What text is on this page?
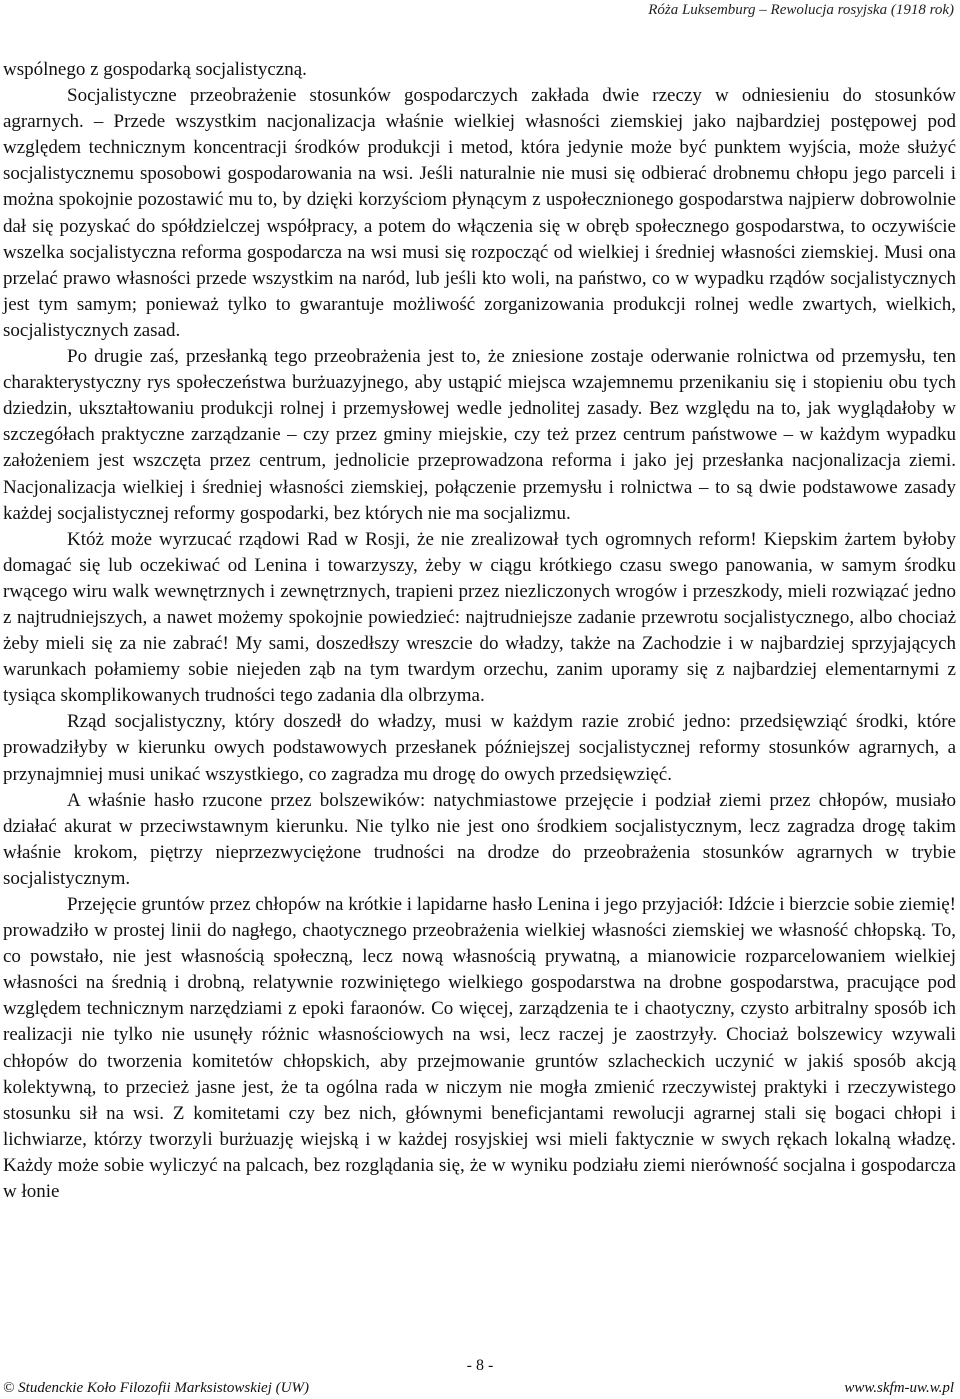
Róża Luksemburg – Rewolucja rosyjska (1918 rok)

wspólnego z gospodarką socjalistyczną.

Socjalistyczne przeobrażenie stosunków gospodarczych zakłada dwie rzeczy w odniesieniu do stosunków agrarnych. – Przede wszystkim nacjonalizacja właśnie wielkiej własności ziemskiej jako najbardziej postępowej pod względem technicznym koncentracji środków produkcji i metod, która jedynie może być punktem wyjścia, może służyć socjalistycznemu sposobowi gospodarowania na wsi. Jeśli naturalnie nie musi się odbierać drobnemu chłopu jego parceli i można spokojnie pozostawić mu to, by dzięki korzyściom płynącym z uspołecznionego gospodarstwa najpierw dobrowolnie dał się pozyskać do spółdzielczej współpracy, a potem do włączenia się w obręb społecznego gospodarstwa, to oczywiście wszelka socjalistyczna reforma gospodarcza na wsi musi się rozpocząć od wielkiej i średniej własności ziemskiej. Musi ona przelać prawo własności przede wszystkim na naród, lub jeśli kto woli, na państwo, co w wypadku rządów socjalistycznych jest tym samym; ponieważ tylko to gwarantuje możliwość zorganizowania produkcji rolnej wedle zwartych, wielkich, socjalistycznych zasad.

Po drugie zaś, przesłanką tego przeobrażenia jest to, że zniesione zostaje oderwanie rolnictwa od przemysłu, ten charakterystyczny rys społeczeństwa burżuazyjnego, aby ustąpić miejsca wzajemnemu przenikaniu się i stopieniu obu tych dziedzin, ukształtowaniu produkcji rolnej i przemysłowej wedle jednolitej zasady. Bez względu na to, jak wyglądałoby w szczegółach praktyczne zarządzanie – czy przez gminy miejskie, czy też przez centrum państwowe – w każdym wypadku założeniem jest wszczęta przez centrum, jednolicie przeprowadzona reforma i jako jej przesłanka nacjonalizacja ziemi. Nacjonalizacja wielkiej i średniej własności ziemskiej, połączenie przemysłu i rolnictwa – to są dwie podstawowe zasady każdej socjalistycznej reformy gospodarki, bez których nie ma socjalizmu.

Któż może wyrzucać rządowi Rad w Rosji, że nie zrealizował tych ogromnych reform! Kiepskim żartem byłoby domagać się lub oczekiwać od Lenina i towarzyszy, żeby w ciągu krótkiego czasu swego panowania, w samym środku rwącego wiru walk wewnętrznych i zewnętrznych, trapieni przez niezliczonych wrogów i przeszkody, mieli rozwiązać jedno z najtrudniejszych, a nawet możemy spokojnie powiedzieć: najtrudniejsze zadanie przewrotu socjalistycznego, albo chociaż żeby mieli się za nie zabrać! My sami, doszedłszy wreszcie do władzy, także na Zachodzie i w najbardziej sprzyjających warunkach połamiemy sobie niejeden ząb na tym twardym orzechu, zanim uporamy się z najbardziej elementarnymi z tysiąca skomplikowanych trudności tego zadania dla olbrzyma.

Rząd socjalistyczny, który doszedł do władzy, musi w każdym razie zrobić jedno: przedsięwziąć środki, które prowadziłyby w kierunku owych podstawowych przesłanek późniejszej socjalistycznej reformy stosunków agrarnych, a przynajmniej musi unikać wszystkiego, co zagradza mu drogę do owych przedsięwzięć.

A właśnie hasło rzucone przez bolszewików: natychmiastowe przejęcie i podział ziemi przez chłopów, musiało działać akurat w przeciwstawnym kierunku. Nie tylko nie jest ono środkiem socjalistycznym, lecz zagradza drogę takim właśnie krokom, piętrzy nieprzezwyciężone trudności na drodze do przeobrażenia stosunków agrarnych w trybie socjalistycznym.

Przejęcie gruntów przez chłopów na krótkie i lapidarne hasło Lenina i jego przyjaciół: Idźcie i bierzcie sobie ziemię! prowadziło w prostej linii do nagłego, chaotycznego przeobrażenia wielkiej własności ziemskiej we własność chłopską. To, co powstało, nie jest własnością społeczną, lecz nową własnością prywatną, a mianowicie rozparcelowaniem wielkiej własności na średnią i drobną, relatywnie rozwiniętego wielkiego gospodarstwa na drobne gospodarstwa, pracujące pod względem technicznym narzędziami z epoki faraonów. Co więcej, zarządzenia te i chaotyczny, czysto arbitralny sposób ich realizacji nie tylko nie usunęły różnic własnościowych na wsi, lecz raczej je zaostrzyły. Chociaż bolszewicy wzywali chłopów do tworzenia komitetów chłopskich, aby przejmowanie gruntów szlacheckich uczynić w jakiś sposób akcją kolektywną, to przecież jasne jest, że ta ogólna rada w niczym nie mogła zmienić rzeczywistej praktyki i rzeczywistego stosunku sił na wsi. Z komitetami czy bez nich, głównymi beneficjantami rewolucji agrarnej stali się bogaci chłopi i lichwiarze, którzy tworzyli burżuazję wiejską i w każdej rosyjskiej wsi mieli faktycznie w swych rękach lokalną władzę. Każdy może sobie wyliczyć na palcach, bez rozglądania się, że w wyniku podziału ziemi nierówność socjalna i gospodarcza w łonie

- 8 -
© Studenckie Koło Filozofii Marksistowskiej (UW)	www.skfm-uw.w.pl
